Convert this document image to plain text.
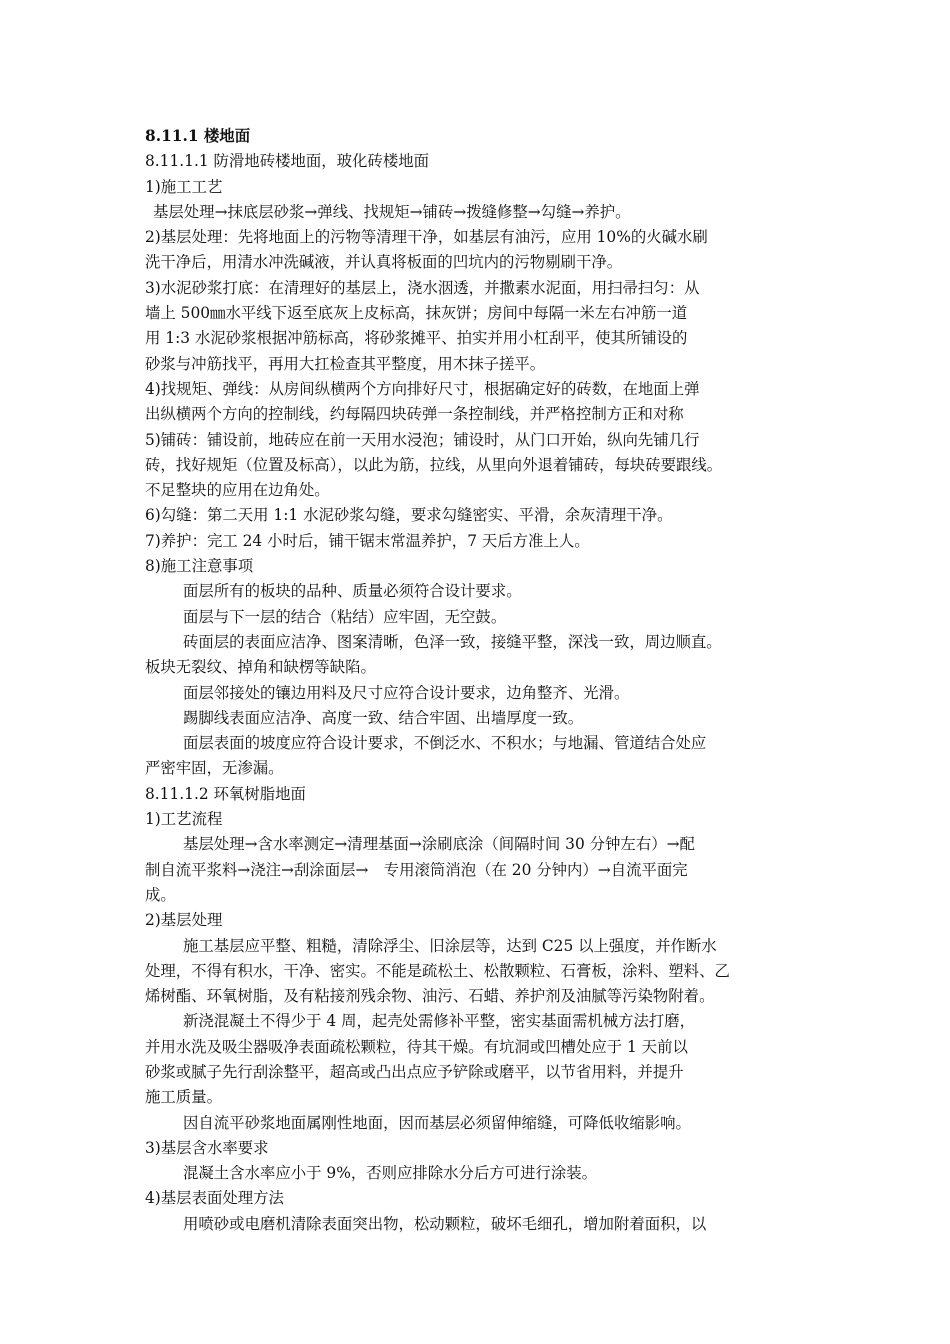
8.11.1 楼地面
8.11.1.1 防滑地砖楼地面，玻化砖楼地面
1)施工工艺
基层处理→抹底层砂浆→弹线、找规矩→铺砖→拨缝修整→勾缝→养护。
2)基层处理：先将地面上的污物等清理干净，如基层有油污，应用 10%的火碱水刷
洗干净后，用清水冲洗碱液，并认真将板面的凹坑内的污物剔刷干净。
3)水泥砂浆打底：在清理好的基层上，浇水洇透，并撒素水泥面，用扫帚扫匀：从
墙上 500㎜水平线下返至底灰上皮标高，抹灰饼；房间中每隔一米左右冲筋一道
用 1:3 水泥砂浆根据冲筋标高，将砂浆摊平、拍实并用小杠刮平，使其所铺设的
砂浆与冲筋找平，再用大扛检查其平整度，用木抹子搓平。
4)找规矩、弹线：从房间纵横两个方向排好尺寸，根据确定好的砖数，在地面上弹
出纵横两个方向的控制线，约每隔四块砖弹一条控制线，并严格控制方正和对称
5)铺砖：铺设前，地砖应在前一天用水浸泡；铺设时，从门口开始，纵向先铺几行
砖，找好规矩（位置及标高），以此为筋，拉线，从里向外退着铺砖，每块砖要跟线。
不足整块的应用在边角处。
6)勾缝：第二天用 1:1 水泥砂浆勾缝，要求勾缝密实、平滑，余灰清理干净。
7)养护：完工 24 小时后，铺干锯末常温养护，7 天后方准上人。
8)施工注意事项
面层所有的板块的品种、质量必须符合设计要求。
面层与下一层的结合（粘结）应牢固，无空鼓。
砖面层的表面应洁净、图案清晰，色泽一致，接缝平整，深浅一致，周边顺直。
板块无裂纹、掉角和缺楞等缺陷。
面层邻接处的镶边用料及尺寸应符合设计要求，边角整齐、光滑。
踢脚线表面应洁净、高度一致、结合牢固、出墙厚度一致。
面层表面的坡度应符合设计要求，不倒泛水、不积水；与地漏、管道结合处应
严密牢固，无渗漏。
8.11.1.2 环氧树脂地面
1)工艺流程
基层处理→含水率测定→清理基面→涂刷底涂（间隔时间 30 分钟左右）→配
制自流平浆料→浇注→刮涂面层→　专用滚筒消泡（在 20 分钟内）→自流平面完
成。
2)基层处理
施工基层应平整、粗糙，清除浮尘、旧涂层等，达到 C25 以上强度，并作断水
处理，不得有积水，干净、密实。不能是疏松土、松散颗粒、石膏板，涂料、塑料、乙
烯树酯、环氧树脂，及有粘接剂残余物、油污、石蜡、养护剂及油腻等污染物附着。
新浇混凝土不得少于 4 周，起壳处需修补平整，密实基面需机械方法打磨，
并用水洗及吸尘器吸净表面疏松颗粒，待其干燥。有坑洞或凹槽处应于 1 天前以
砂浆或腻子先行刮涂整平，超高或凸出点应予铲除或磨平，以节省用料，并提升
施工质量。
因自流平砂浆地面属刚性地面，因而基层必须留伸缩缝，可降低收缩影响。
3)基层含水率要求
混凝土含水率应小于 9%，否则应排除水分后方可进行涂装。
4)基层表面处理方法
用喷砂或电磨机清除表面突出物，松动颗粒，破坏毛细孔，增加附着面积，以
